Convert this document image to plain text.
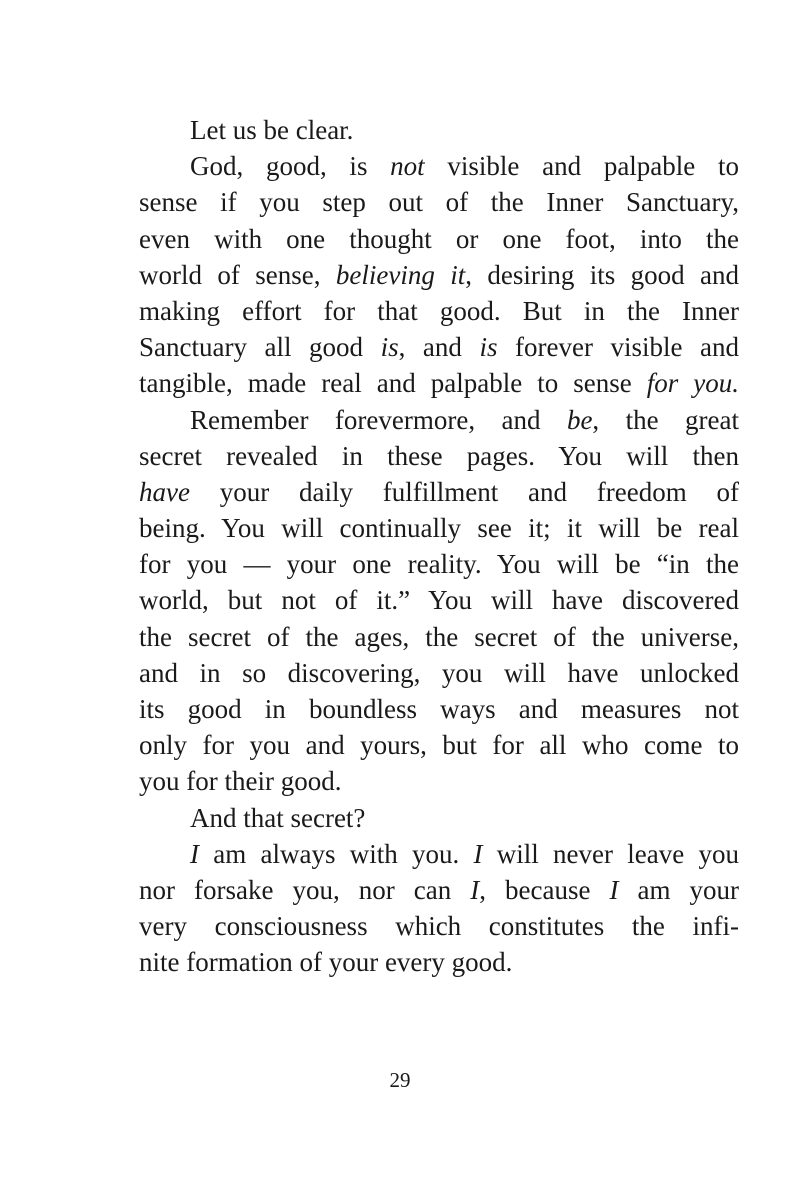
Let us be clear.
God, good, is not visible and palpable to
sense if you step out of the Inner Sanctuary,
even with one thought or one foot, into the
world of sense, believing it, desiring its good and
making effort for that good. But in the Inner
Sanctuary all good is, and is forever visible and
tangible, made real and palpable to sense for you.
Remember forevermore, and be, the great
secret revealed in these pages. You will then
have your daily fulfillment and freedom of
being. You will continually see it; it will be real
for you — your one reality. You will be “in the
world, but not of it.” You will have discovered
the secret of the ages, the secret of the universe,
and in so discovering, you will have unlocked
its good in boundless ways and measures not
only for you and yours, but for all who come to
you for their good.
And that secret?
I am always with you. I will never leave you
nor forsake you, nor can I, because I am your
very consciousness which constitutes the infi-
nite formation of your every good.
29
